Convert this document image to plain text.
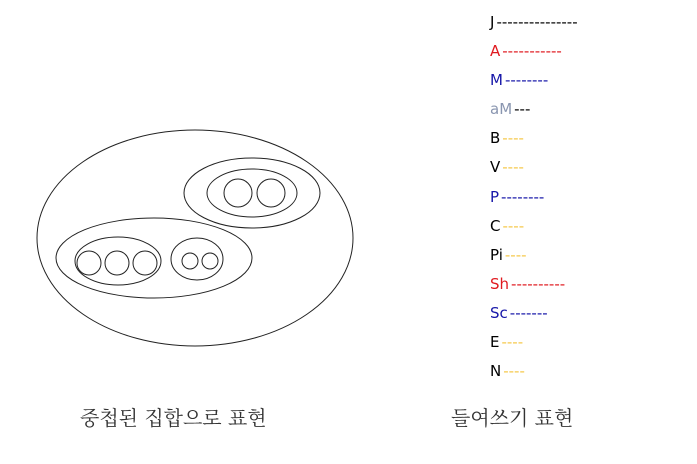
J ---------------
A -----------
M --------
aM ---
B ----
V ----
P --------
C ----
Pi ----
Sh ----------
Sc -------
E ----
N ----
중첩된 집합으로 표현	들여쓰기 표현
